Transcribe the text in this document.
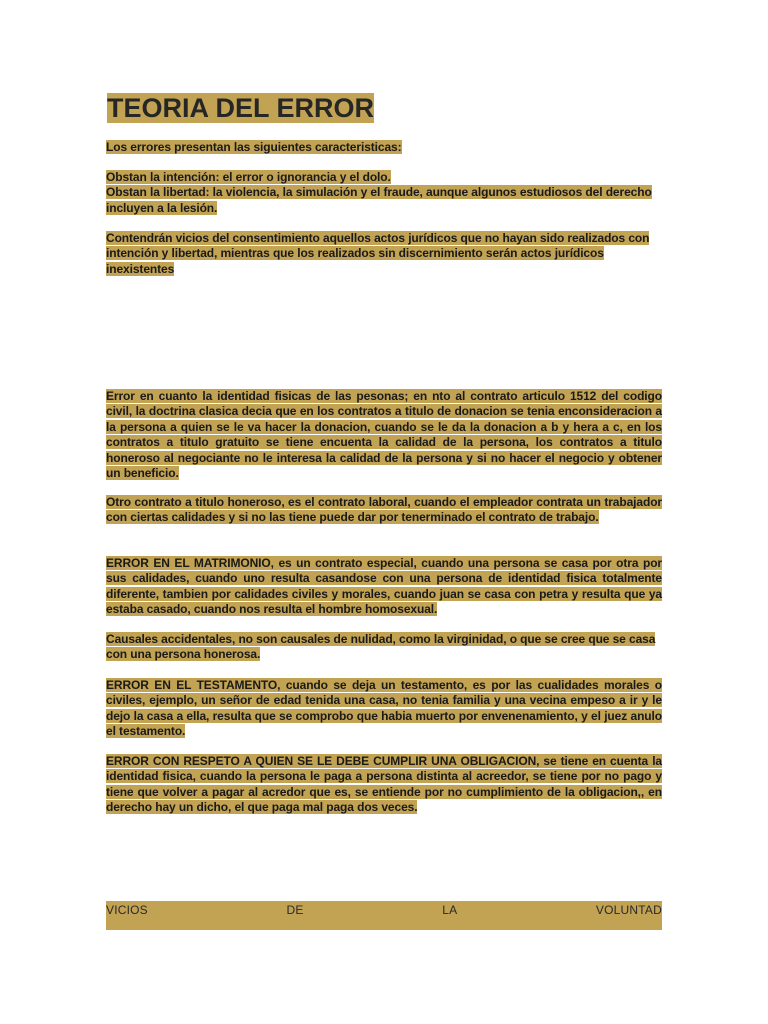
TEORIA DEL ERROR
Los errores presentan las siguientes caracteristicas:
Obstan la intención: el error o ignorancia y el dolo.
Obstan la libertad: la violencia, la simulación y el fraude, aunque algunos estudiosos del derecho incluyen a la lesión.
Contendrán vicios del consentimiento aquellos actos jurídicos que no hayan sido realizados con intención y libertad, mientras que los realizados sin discernimiento serán actos jurídicos inexistentes
Error en cuanto la identidad fisicas de las pesonas; en nto al contrato articulo 1512 del codigo civil, la doctrina clasica decia que en los contratos a titulo de donacion se tenia enconsideracion a la persona a quien se le va hacer la donacion, cuando se le da la donacion a b y hera a c, en los contratos a titulo gratuito se tiene encuenta la calidad de la persona, los contratos a titulo honeroso al negociante no le interesa la calidad de la persona y si no hacer el negocio y obtener un beneficio.
Otro contrato a titulo honeroso, es el contrato laboral, cuando el empleador contrata un trabajador con ciertas calidades y si no las tiene puede dar por tenerminado el contrato de trabajo.
ERROR EN EL MATRIMONIO, es un contrato especial, cuando una persona se casa por otra por sus calidades, cuando uno resulta casandose con una persona de identidad fisica totalmente diferente, tambien por calidades civiles y morales, cuando juan se casa con petra y resulta que ya estaba casado, cuando nos resulta el hombre homosexual.
Causales accidentales, no son causales de nulidad, como la virginidad, o que se cree que se casa con una persona honerosa.
ERROR EN EL TESTAMENTO, cuando se deja un testamento, es por las cualidades morales o civiles, ejemplo, un señor de edad tenida una casa, no tenia familia y una vecina empeso a ir y le dejo la casa a ella, resulta que se comprobo que habia muerto por envenenamiento, y el juez anulo el testamento.
ERROR CON RESPETO A QUIEN SE LE DEBE CUMPLIR UNA OBLIGACION, se tiene en cuenta la identidad fisica, cuando la persona le paga a persona distinta al acreedor, se tiene por no pago y tiene que volver a pagar al acredor que es, se entiende por no cumplimiento de la obligacion,, en derecho hay un dicho, el que paga mal paga dos veces.
VICIOS	DE	LA	VOLUNTAD
